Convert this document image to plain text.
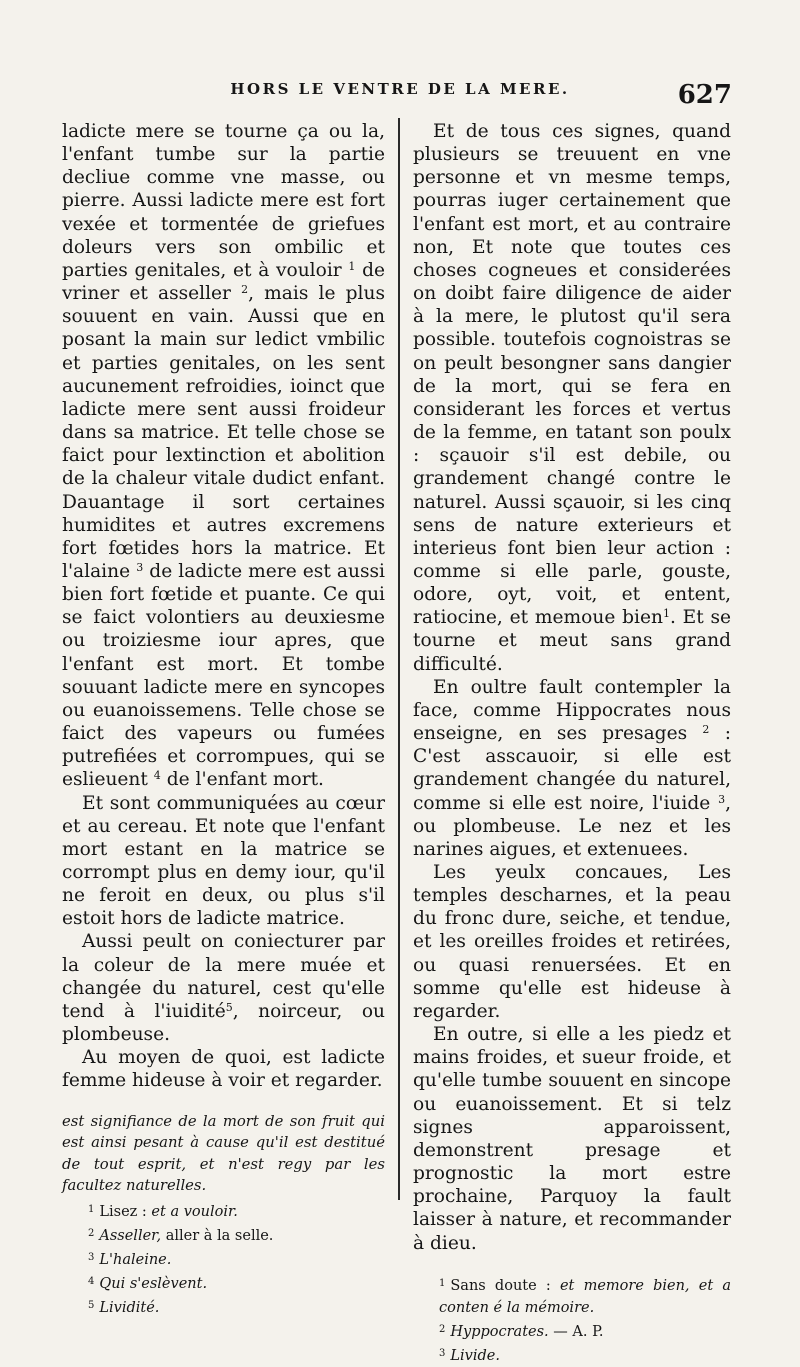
HORS LE VENTRE DE LA MERE.	627

ladicte mere se tourne ça ou la, l'enfant tumbe sur la partie decliue comme vne masse, ou pierre. Aussi ladicte mere est fort vexée et tormentée de griefues doleurs vers son ombilic et parties genitales, et à vouloir $^1$ de vriner et asseller $^2$, mais le plus souuent en vain. Aussi que en posant la main sur ledict vmbilic et parties genitales, on les sent aucunement refroidies, ioinct que ladicte mere sent aussi froideur dans sa matrice. Et telle chose se faict pour lextinction et abolition de la chaleur vitale dudict enfant. Dauantage il sort certaines humidites et autres excremens fort fœtides hors la matrice. Et l'alaine $^3$ de ladicte mere est aussi bien fort fœtide et puante. Ce qui se faict volontiers au deuxiesme ou troiziesme iour apres, que l'enfant est mort. Et tombe souuant ladicte mere en syncopes ou euanoissemens. Telle chose se faict des vapeurs ou fumées putrefiées et corrompues, qui se eslieuent $^4$ de l'enfant mort.

Et sont communiquées au cœur et au cereau. Et note que l'enfant mort estant en la matrice se corrompt plus en demy iour, qu'il ne feroit en deux, ou plus s'il estoit hors de ladicte matrice.

Aussi peult on coniecturer par la coleur de la mere muée et changée du naturel, cest qu'elle tend à l'iuidité$^5$, noirceur, ou plombeuse.

Au moyen de quoi, est ladicte femme hideuse à voir et regarder.

est signifiance de la mort de son fruit qui est ainsi pesant à cause qu'il est destitué de tout esprit, et n'est regy par les facultez naturelles.

$^1$ Lisez : et a vouloir.
$^2$ Asseller, aller à la selle.
$^3$ L'haleine.
$^4$ Qui s'eslèvent.
$^5$ Lividité.

Et de tous ces signes, quand plusieurs se treuuent en vne personne et vn mesme temps, pourras iuger certainement que l'enfant est mort, et au contraire non, Et note que toutes ces choses cogneues et considerées on doibt faire diligence de aider à la mere, le plutost qu'il sera possible. toutefois cognoistras se on peult besongner sans dangier de la mort, qui se fera en considerant les forces et vertus de la femme, en tatant son poulx : sçauoir s'il est debile, ou grandement changé contre le naturel. Aussi sçauoir, si les cinq sens de nature exterieurs et interieus font bien leur action : comme si elle parle, gouste, odore, oyt, voit, et entent, ratiocine, et memoue bien$^1$. Et se tourne et meut sans grand difficulté.

En oultre fault contempler la face, comme Hippocrates nous enseigne, en ses presages $^2$ : C'est asscauoir, si elle est grandement changée du naturel, comme si elle est noire, l'iuide $^3$, ou plombeuse. Le nez et les narines aigues, et extenuees.

Les yeulx concaues, Les temples descharnes, et la peau du fronc dure, seiche, et tendue, et les oreilles froides et retirées, ou quasi renuersées. Et en somme qu'elle est hideuse à regarder.

En outre, si elle a les piedz et mains froides, et sueur froide, et qu'elle tumbe souuent en sincope ou euanoissement. Et si telz signes apparoissent, demonstrent presage et prognostic la mort estre prochaine, Parquoy la fault laisser à nature, et recommander à dieu.

$^1$ Sans doute : et memore bien, et a conten é la mémoire.
$^2$ Hyppocrates. — A. P.
$^3$ Livide.
